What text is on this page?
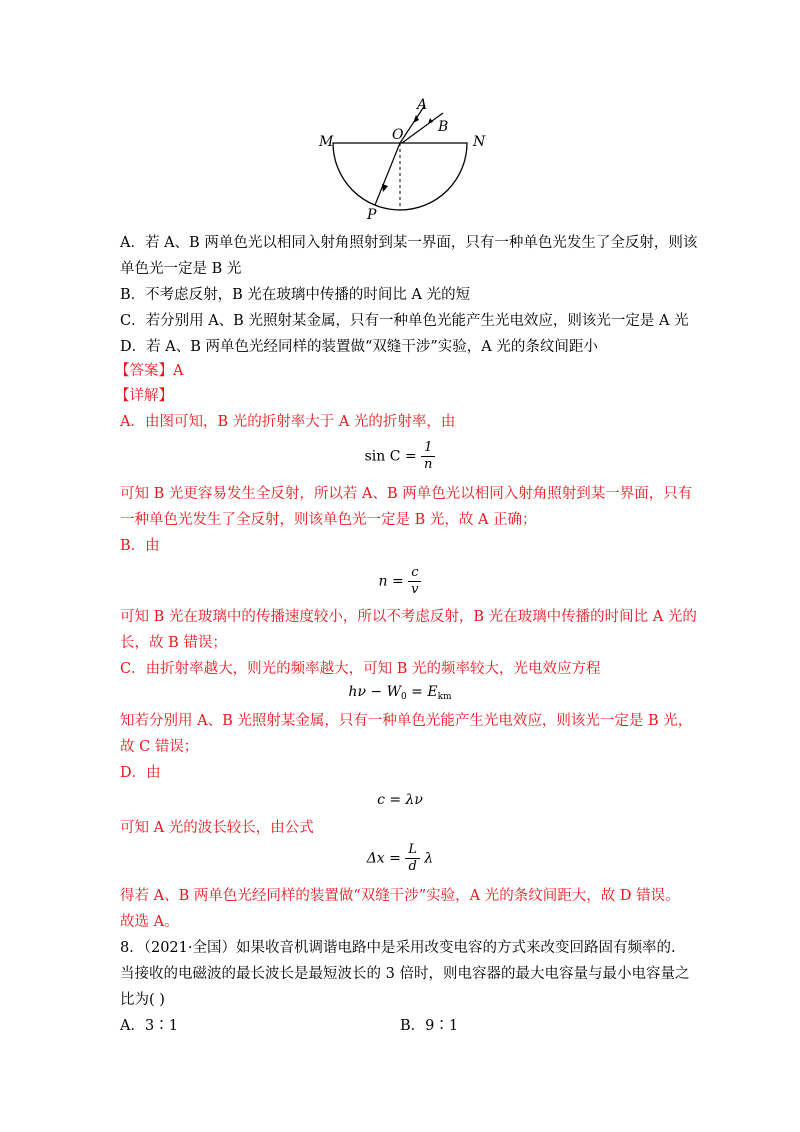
A
B
O
M	N
P
A．若 A、B 两单色光以相同入射角照射到某一界面，只有一种单色光发生了全反射，则该
单色光一定是 B 光
B．不考虑反射，B 光在玻璃中传播的时间比 A 光的短
C．若分别用 A、B 光照射某金属，只有一种单色光能产生光电效应，则该光一定是 A 光
D．若 A、B 两单色光经同样的装置做“双缝干涉”实验，A 光的条纹间距小
【答案】A
【详解】
A．由图可知，B 光的折射率大于 A 光的折射率，由
$\sin C = \frac{1}{n}$
可知 B 光更容易发生全反射，所以若 A、B 两单色光以相同入射角照射到某一界面，只有
一种单色光发生了全反射，则该单色光一定是 B 光，故 A 正确；
B．由
$n = \frac{c}{v}$
可知 B 光在玻璃中的传播速度较小，所以不考虑反射，B 光在玻璃中传播的时间比 A 光的
长，故 B 错误；
C．由折射率越大，则光的频率越大，可知 B 光的频率较大，光电效应方程
$h\nu - W_0 = E_{km}$
知若分别用 A、B 光照射某金属，只有一种单色光能产生光电效应，则该光一定是 B 光，
故 C 错误；
D．由
c = λν
可知 A 光的波长较长，由公式
$\Delta x = \frac{L}{d}$ λ
得若 A、B 两单色光经同样的装置做“双缝干涉”实验，A 光的条纹间距大，故 D 错误。
故选 A。
8．（2021·全国）如果收音机调谐电路中是采用改变电容的方式来改变回路固有频率的.
当接收的电磁波的最长波长是最短波长的 3 倍时，则电容器的最大电容量与最小电容量之
比为( )
A．3∶1	B．9∶1
